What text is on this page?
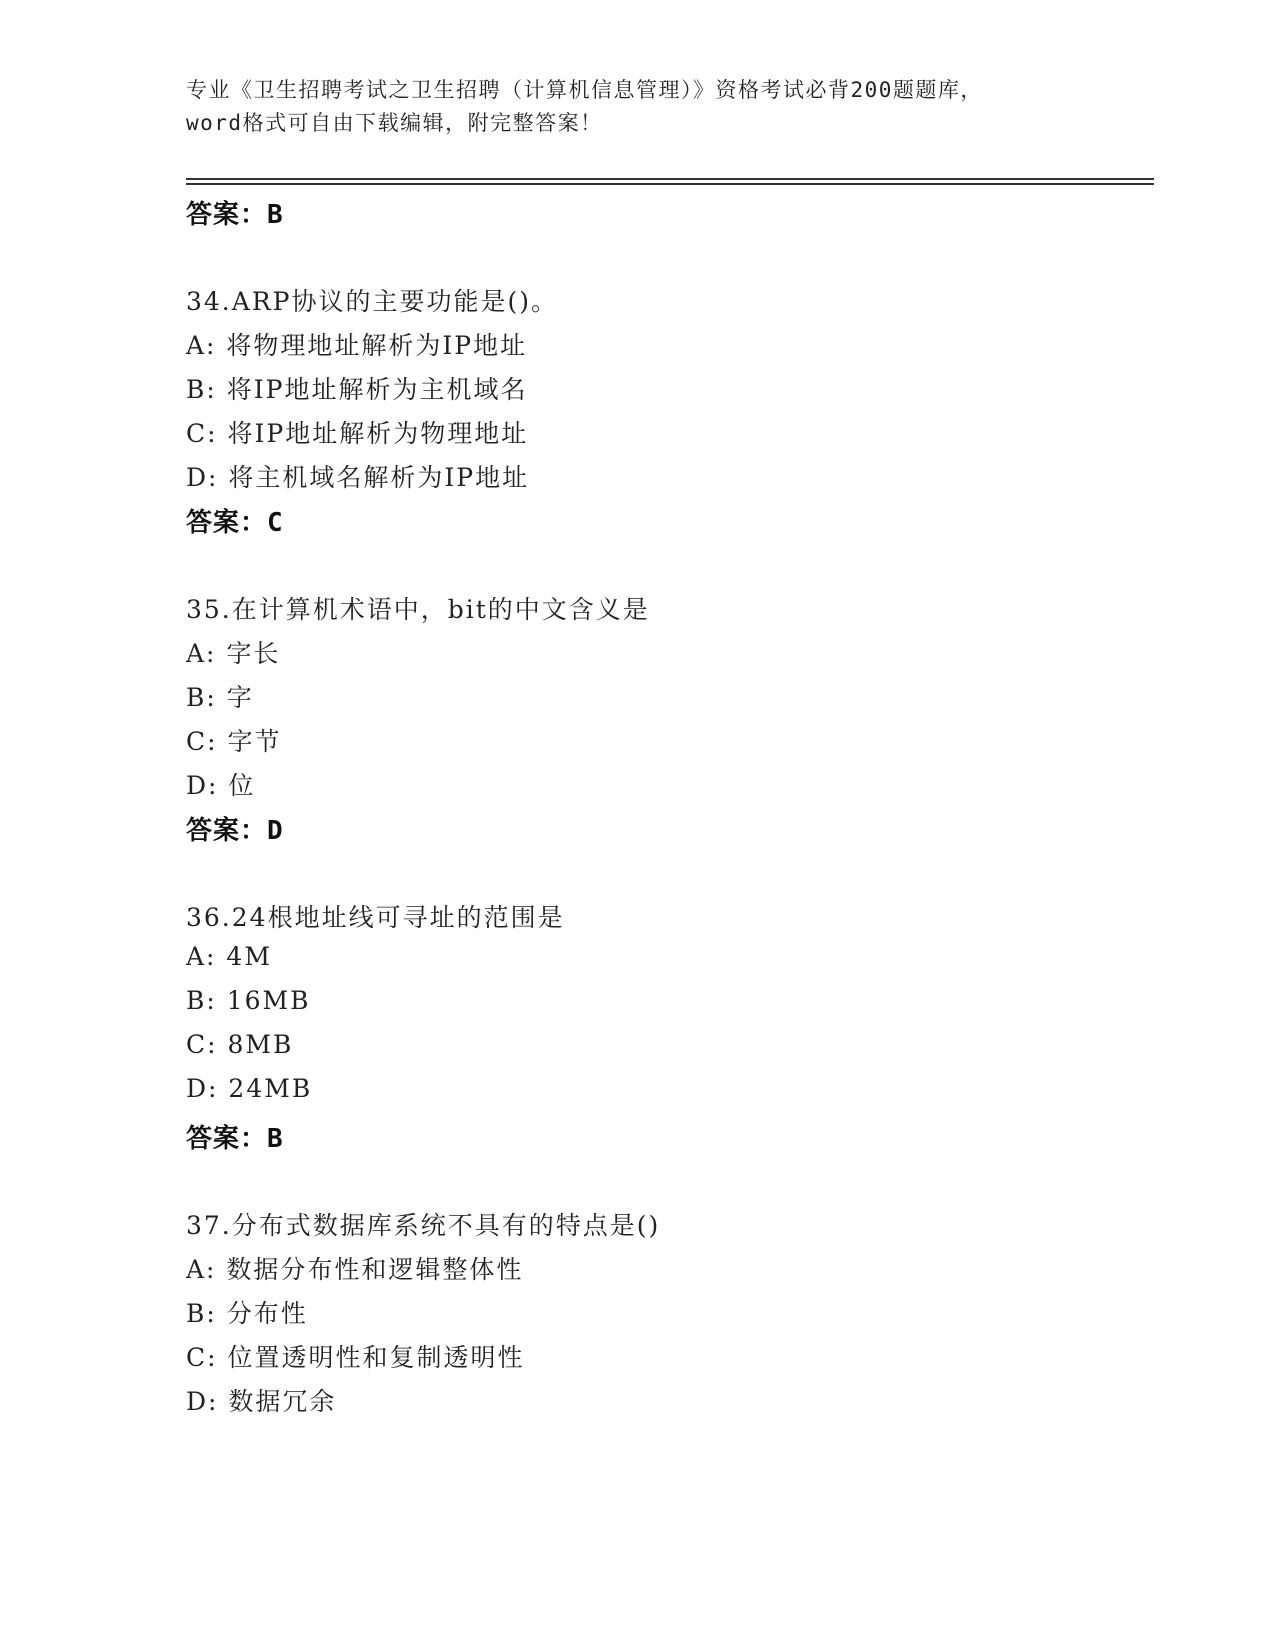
专业《卫生招聘考试之卫生招聘（计算机信息管理）》资格考试必背200题题库，
word格式可自由下载编辑，附完整答案！
答案：B
34.ARP协议的主要功能是()。
A: 将物理地址解析为IP地址
B: 将IP地址解析为主机域名
C: 将IP地址解析为物理地址
D: 将主机域名解析为IP地址
答案：C
35.在计算机术语中，bit的中文含义是
A: 字长
B: 字
C: 字节
D: 位
答案：D
36.24根地址线可寻址的范围是
A: 4M
B: 16MB
C: 8MB
D: 24MB
答案：B
37.分布式数据库系统不具有的特点是()
A: 数据分布性和逻辑整体性
B: 分布性
C: 位置透明性和复制透明性
D: 数据冗余
